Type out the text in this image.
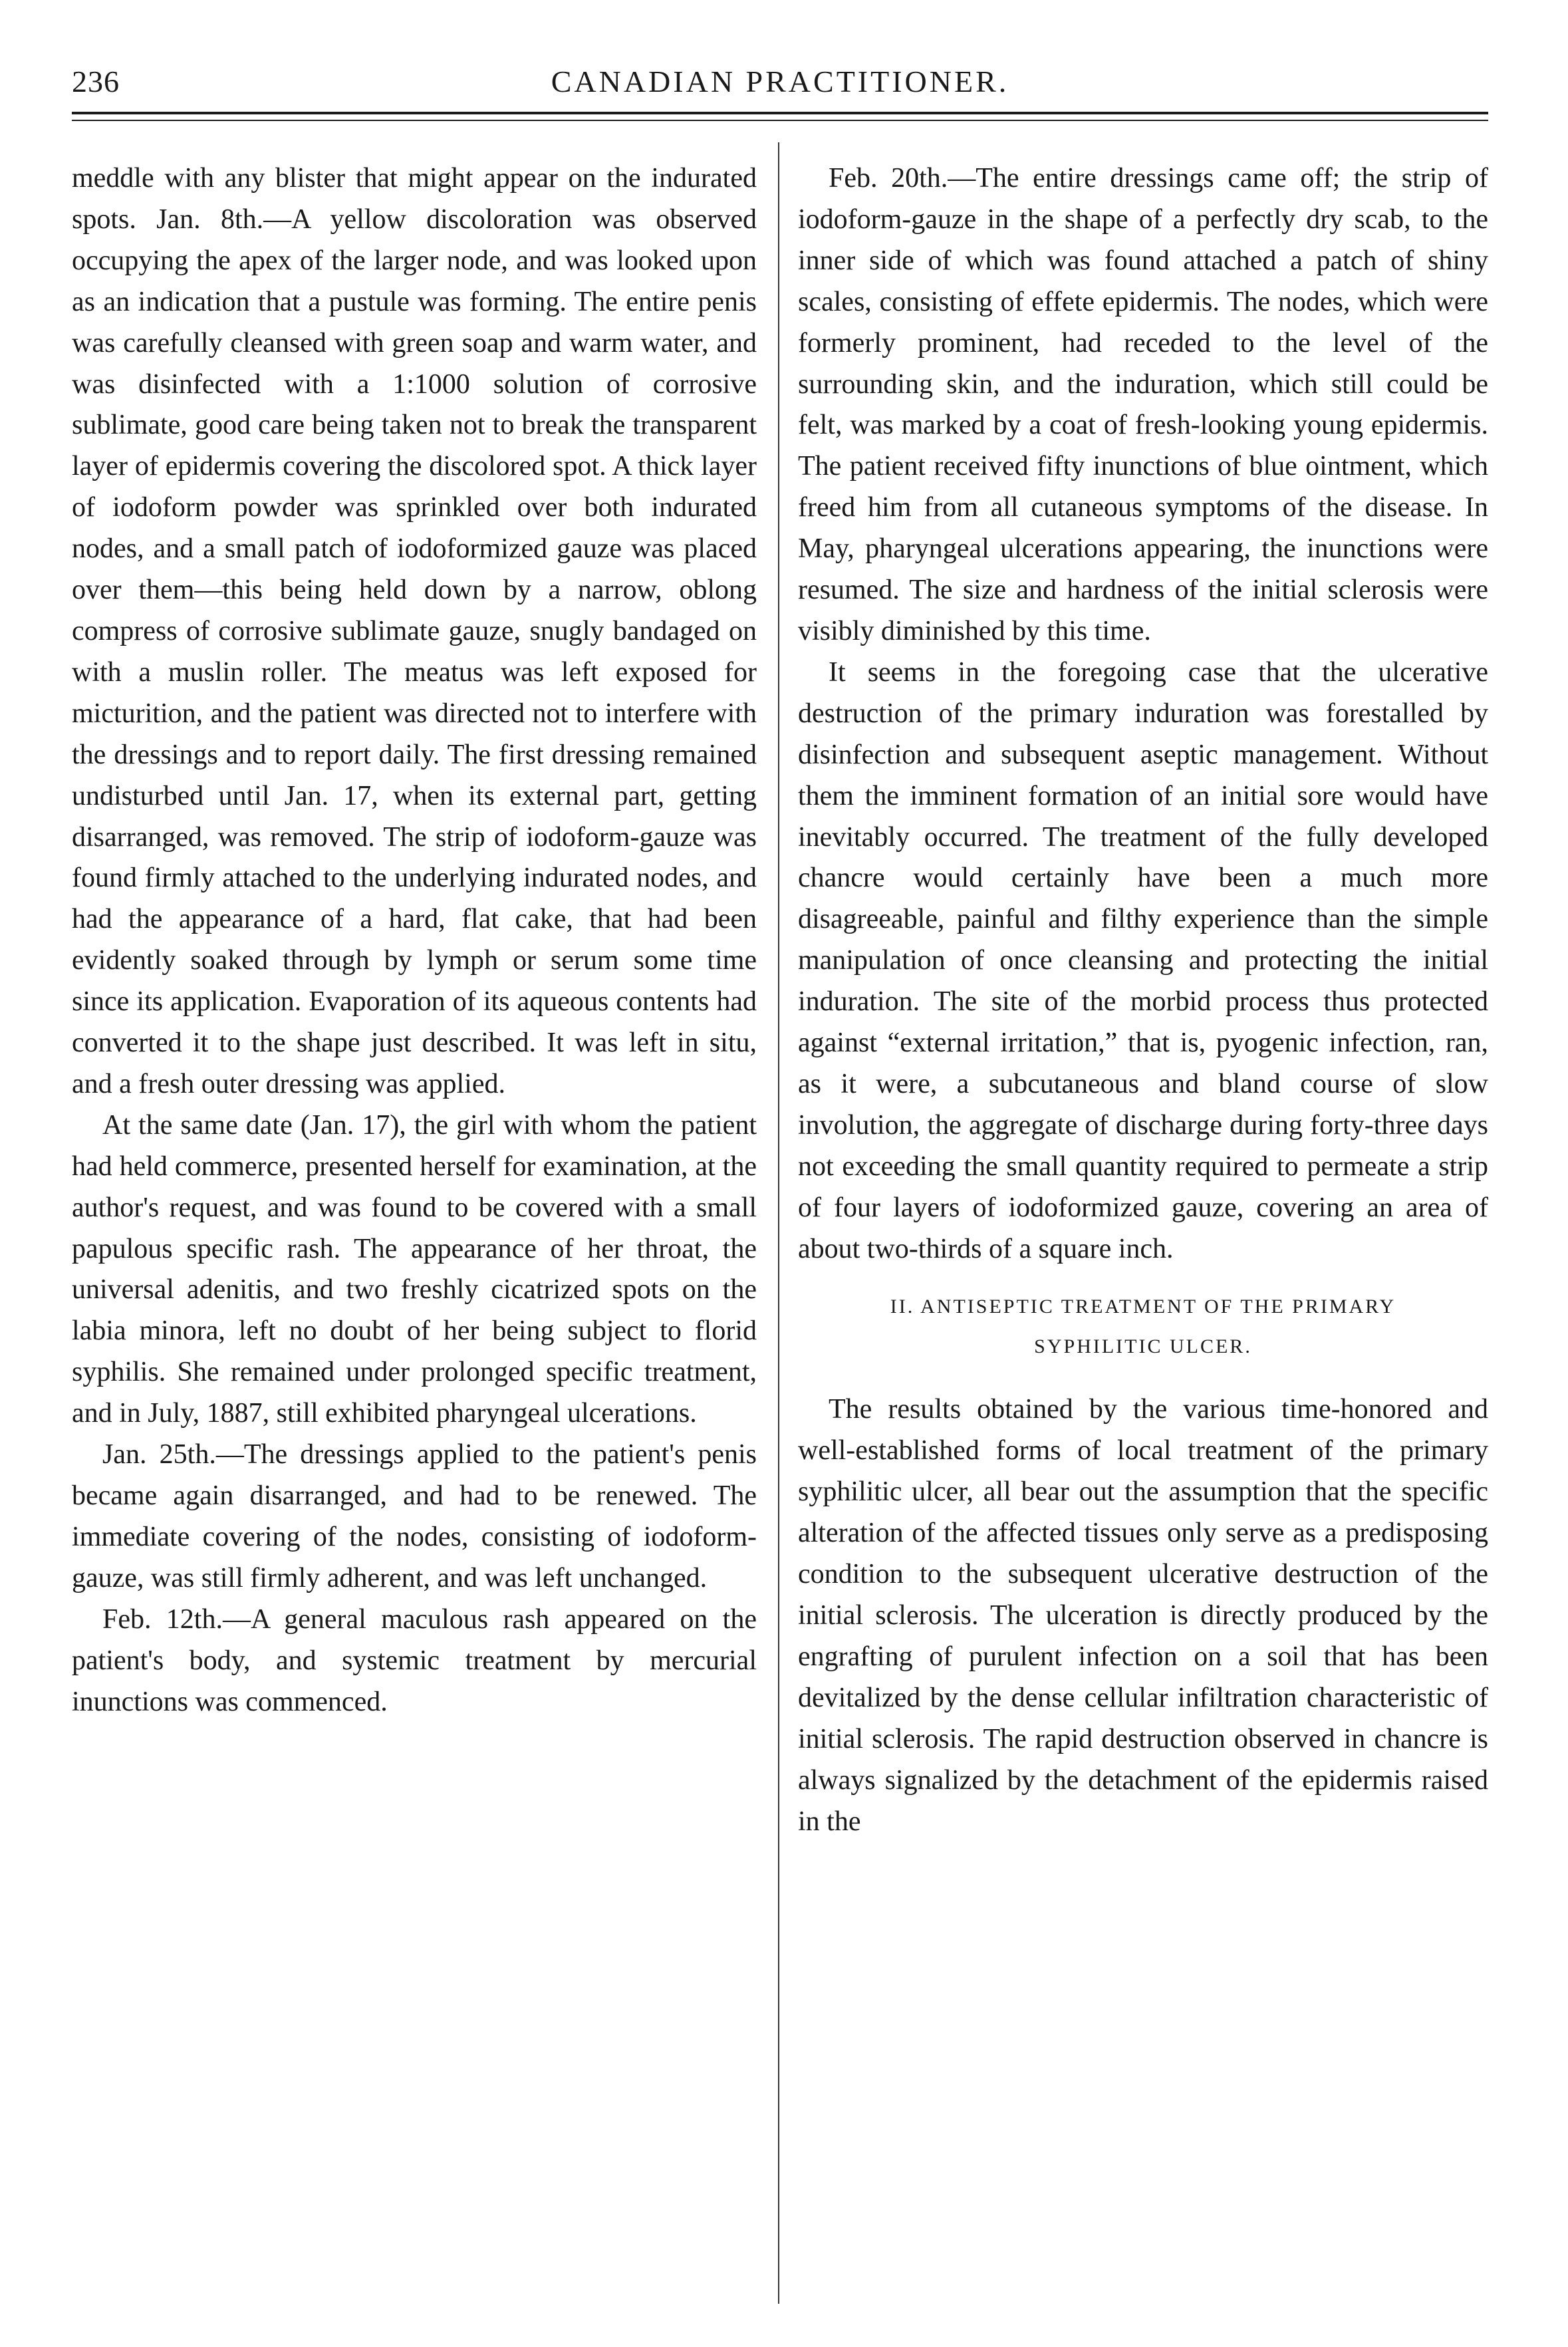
236	CANADIAN PRACTITIONER.

meddle with any blister that might appear on the indurated spots. Jan. 8th.—A yellow discoloration was observed occupying the apex of the larger node, and was looked upon as an indication that a pustule was forming. The entire penis was carefully cleansed with green soap and warm water, and was disinfected with a 1:1000 solution of corrosive sublimate, good care being taken not to break the transparent layer of epidermis covering the discolored spot. A thick layer of iodoform powder was sprinkled over both indurated nodes, and a small patch of iodoformized gauze was placed over them—this being held down by a narrow, oblong compress of corrosive sublimate gauze, snugly bandaged on with a muslin roller. The meatus was left exposed for micturition, and the patient was directed not to interfere with the dressings and to report daily. The first dressing remained undisturbed until Jan. 17, when its external part, getting disarranged, was removed. The strip of iodoform-gauze was found firmly attached to the underlying indurated nodes, and had the appearance of a hard, flat cake, that had been evidently soaked through by lymph or serum some time since its application. Evaporation of its aqueous contents had converted it to the shape just described. It was left in situ, and a fresh outer dressing was applied.

At the same date (Jan. 17), the girl with whom the patient had held commerce, presented herself for examination, at the author's request, and was found to be covered with a small papulous specific rash. The appearance of her throat, the universal adenitis, and two freshly cicatrized spots on the labia minora, left no doubt of her being subject to florid syphilis. She remained under prolonged specific treatment, and in July, 1887, still exhibited pharyngeal ulcerations.

Jan. 25th.—The dressings applied to the patient's penis became again disarranged, and had to be renewed. The immediate covering of the nodes, consisting of iodoform-gauze, was still firmly adherent, and was left unchanged.

Feb. 12th.—A general maculous rash appeared on the patient's body, and systemic treatment by mercurial inunctions was commenced.

Feb. 20th.—The entire dressings came off; the strip of iodoform-gauze in the shape of a perfectly dry scab, to the inner side of which was found attached a patch of shiny scales, consisting of effete epidermis. The nodes, which were formerly prominent, had receded to the level of the surrounding skin, and the induration, which still could be felt, was marked by a coat of fresh-looking young epidermis. The patient received fifty inunctions of blue ointment, which freed him from all cutaneous symptoms of the disease. In May, pharyngeal ulcerations appearing, the inunctions were resumed. The size and hardness of the initial sclerosis were visibly diminished by this time.

It seems in the foregoing case that the ulcerative destruction of the primary induration was forestalled by disinfection and subsequent aseptic management. Without them the imminent formation of an initial sore would have inevitably occurred. The treatment of the fully developed chancre would certainly have been a much more disagreeable, painful and filthy experience than the simple manipulation of once cleansing and protecting the initial induration. The site of the morbid process thus protected against “external irritation,” that is, pyogenic infection, ran, as it were, a subcutaneous and bland course of slow involution, the aggregate of discharge during forty-three days not exceeding the small quantity required to permeate a strip of four layers of iodoformized gauze, covering an area of about two-thirds of a square inch.

II. ANTISEPTIC TREATMENT OF THE PRIMARY
SYPHILITIC ULCER.

The results obtained by the various time-honored and well-established forms of local treatment of the primary syphilitic ulcer, all bear out the assumption that the specific alteration of the affected tissues only serve as a predisposing condition to the subsequent ulcerative destruction of the initial sclerosis. The ulceration is directly produced by the engrafting of purulent infection on a soil that has been devitalized by the dense cellular infiltration characteristic of initial sclerosis. The rapid destruction observed in chancre is always signalized by the detachment of the epidermis raised in the
